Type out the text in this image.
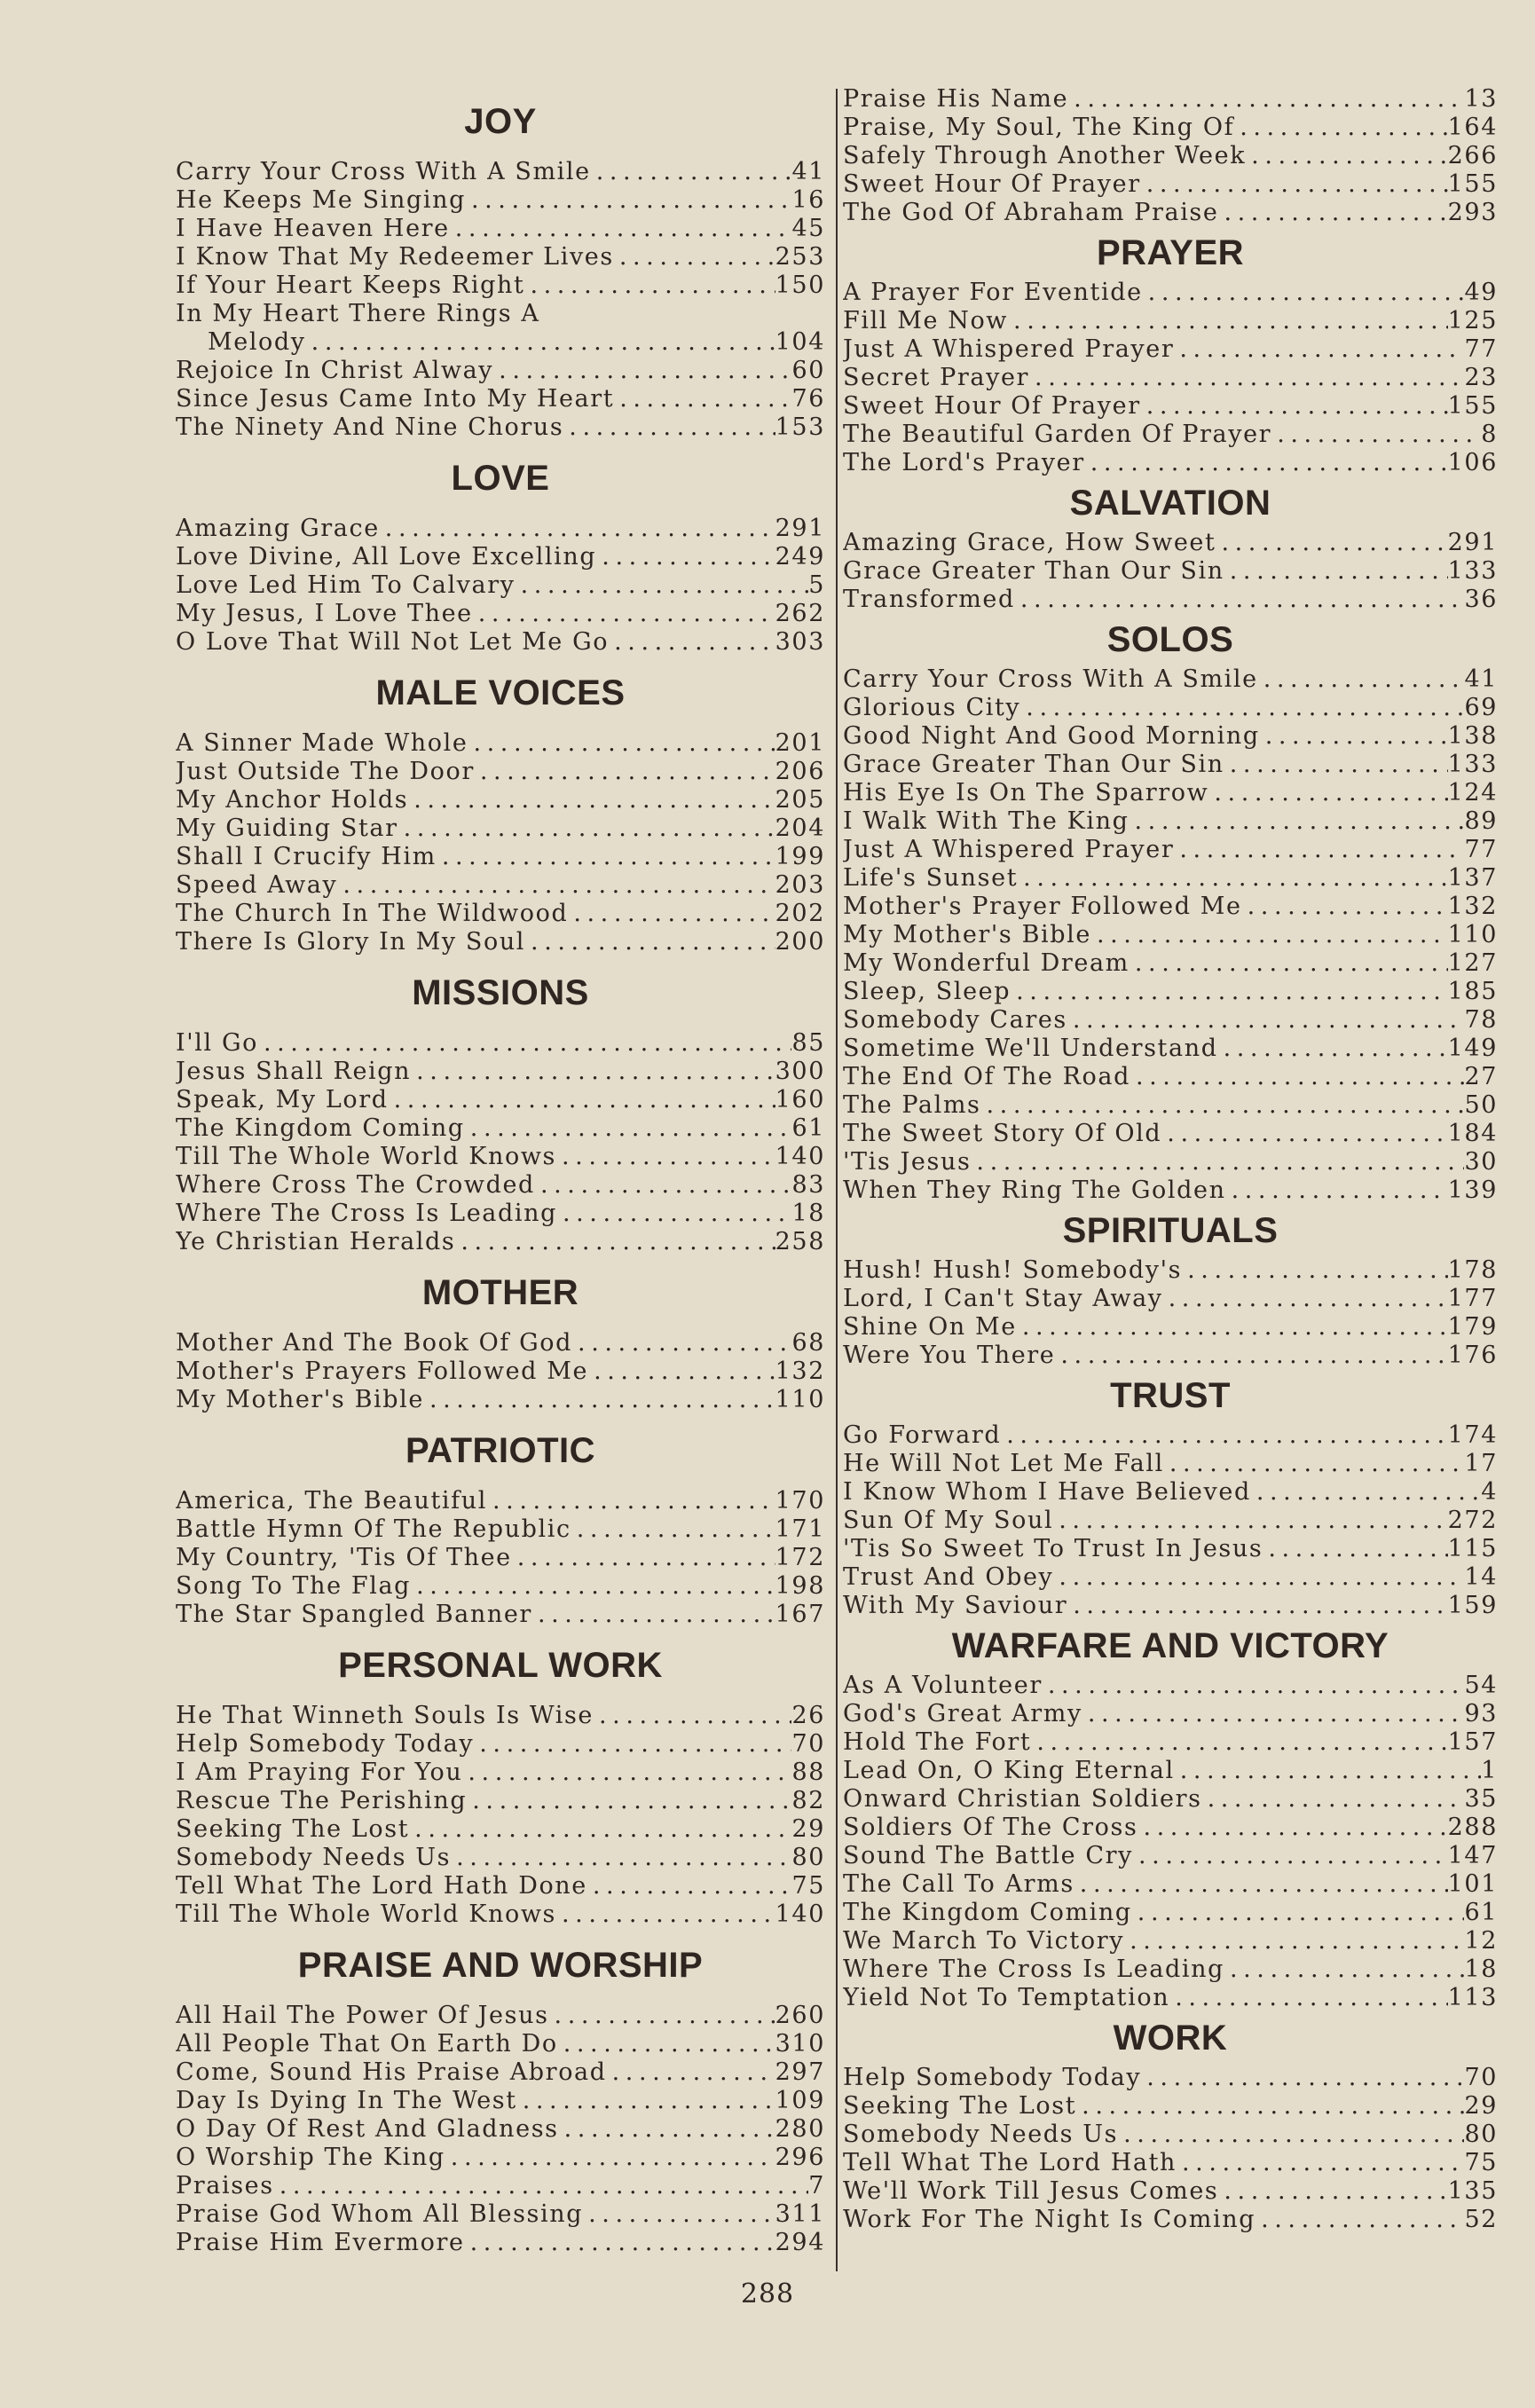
JOY
Carry Your Cross With A Smile . . .	41
He Keeps Me Singing . . .	16
I Have Heaven Here . . .	45
I Know That My Redeemer Lives . . .	253
If Your Heart Keeps Right . . .	150
In My Heart There Rings A
Melody . . .	104
Rejoice In Christ Alway . . .	60
Since Jesus Came Into My Heart . . .	76
The Ninety And Nine Chorus . . .	153
LOVE
Amazing Grace . . .	291
Love Divine, All Love Excelling . . .	249
Love Led Him To Calvary . . .	5
My Jesus, I Love Thee . . .	262
O Love That Will Not Let Me Go . . .	303
MALE VOICES
A Sinner Made Whole . . .	201
Just Outside The Door . . .	206
My Anchor Holds . . .	205
My Guiding Star . . .	204
Shall I Crucify Him . . .	199
Speed Away . . .	203
The Church In The Wildwood . . .	202
There Is Glory In My Soul . . .	200
MISSIONS
I'll Go . . .	85
Jesus Shall Reign . . .	300
Speak, My Lord . . .	160
The Kingdom Coming . . .	61
Till The Whole World Knows . . .	140
Where Cross The Crowded . . .	83
Where The Cross Is Leading . . .	18
Ye Christian Heralds . . .	258
MOTHER
Mother And The Book Of God . . .	68
Mother's Prayers Followed Me . . .	132
My Mother's Bible . . .	110
PATRIOTIC
America, The Beautiful . . .	170
Battle Hymn Of The Republic . . .	171
My Country, 'Tis Of Thee . . .	172
Song To The Flag . . .	198
The Star Spangled Banner . . .	167
PERSONAL WORK
He That Winneth Souls Is Wise . . .	26
Help Somebody Today . . .	70
I Am Praying For You . . .	88
Rescue The Perishing . . .	82
Seeking The Lost . . .	29
Somebody Needs Us . . .	80
Tell What The Lord Hath Done . . .	75
Till The Whole World Knows . . .	140
PRAISE AND WORSHIP
All Hail The Power Of Jesus . . .	260
All People That On Earth Do . . .	310
Come, Sound His Praise Abroad . . .	297
Day Is Dying In The West . . .	109
O Day Of Rest And Gladness . . .	280
O Worship The King . . .	296
Praises . . .	7
Praise God Whom All Blessing . . .	311
Praise Him Evermore . . .	294
Praise His Name . . .	13
Praise, My Soul, The King Of . . .	164
Safely Through Another Week . . .	266
Sweet Hour Of Prayer . . .	155
The God Of Abraham Praise . . .	293
PRAYER
A Prayer For Eventide . . .	49
Fill Me Now . . .	125
Just A Whispered Prayer . . .	77
Secret Prayer . . .	23
Sweet Hour Of Prayer . . .	155
The Beautiful Garden Of Prayer . . .	8
The Lord's Prayer . . .	106
SALVATION
Amazing Grace, How Sweet . . .	291
Grace Greater Than Our Sin . . .	133
Transformed . . .	36
SOLOS
Carry Your Cross With A Smile . . .	41
Glorious City . . .	69
Good Night And Good Morning . . .	138
Grace Greater Than Our Sin . . .	133
His Eye Is On The Sparrow . . .	124
I Walk With The King . . .	89
Just A Whispered Prayer . . .	77
Life's Sunset . . .	137
Mother's Prayer Followed Me . . .	132
My Mother's Bible . . .	110
My Wonderful Dream . . .	127
Sleep, Sleep . . .	185
Somebody Cares . . .	78
Sometime We'll Understand . . .	149
The End Of The Road . . .	27
The Palms . . .	50
The Sweet Story Of Old . . .	184
'Tis Jesus . . .	30
When They Ring The Golden . . .	139
SPIRITUALS
Hush! Hush! Somebody's . . .	178
Lord, I Can't Stay Away . . .	177
Shine On Me . . .	179
Were You There . . .	176
TRUST
Go Forward . . .	174
He Will Not Let Me Fall . . .	17
I Know Whom I Have Believed . . .	4
Sun Of My Soul . . .	272
'Tis So Sweet To Trust In Jesus . . .	115
Trust And Obey . . .	14
With My Saviour . . .	159
WARFARE AND VICTORY
As A Volunteer . . .	54
God's Great Army . . .	93
Hold The Fort . . .	157
Lead On, O King Eternal . . .	1
Onward Christian Soldiers . . .	35
Soldiers Of The Cross . . .	288
Sound The Battle Cry . . .	147
The Call To Arms . . .	101
The Kingdom Coming . . .	61
We March To Victory . . .	12
Where The Cross Is Leading . . .	18
Yield Not To Temptation . . .	113
WORK
Help Somebody Today . . .	70
Seeking The Lost . . .	29
Somebody Needs Us . . .	80
Tell What The Lord Hath . . .	75
We'll Work Till Jesus Comes . . .	135
Work For The Night Is Coming . . .	52
288
